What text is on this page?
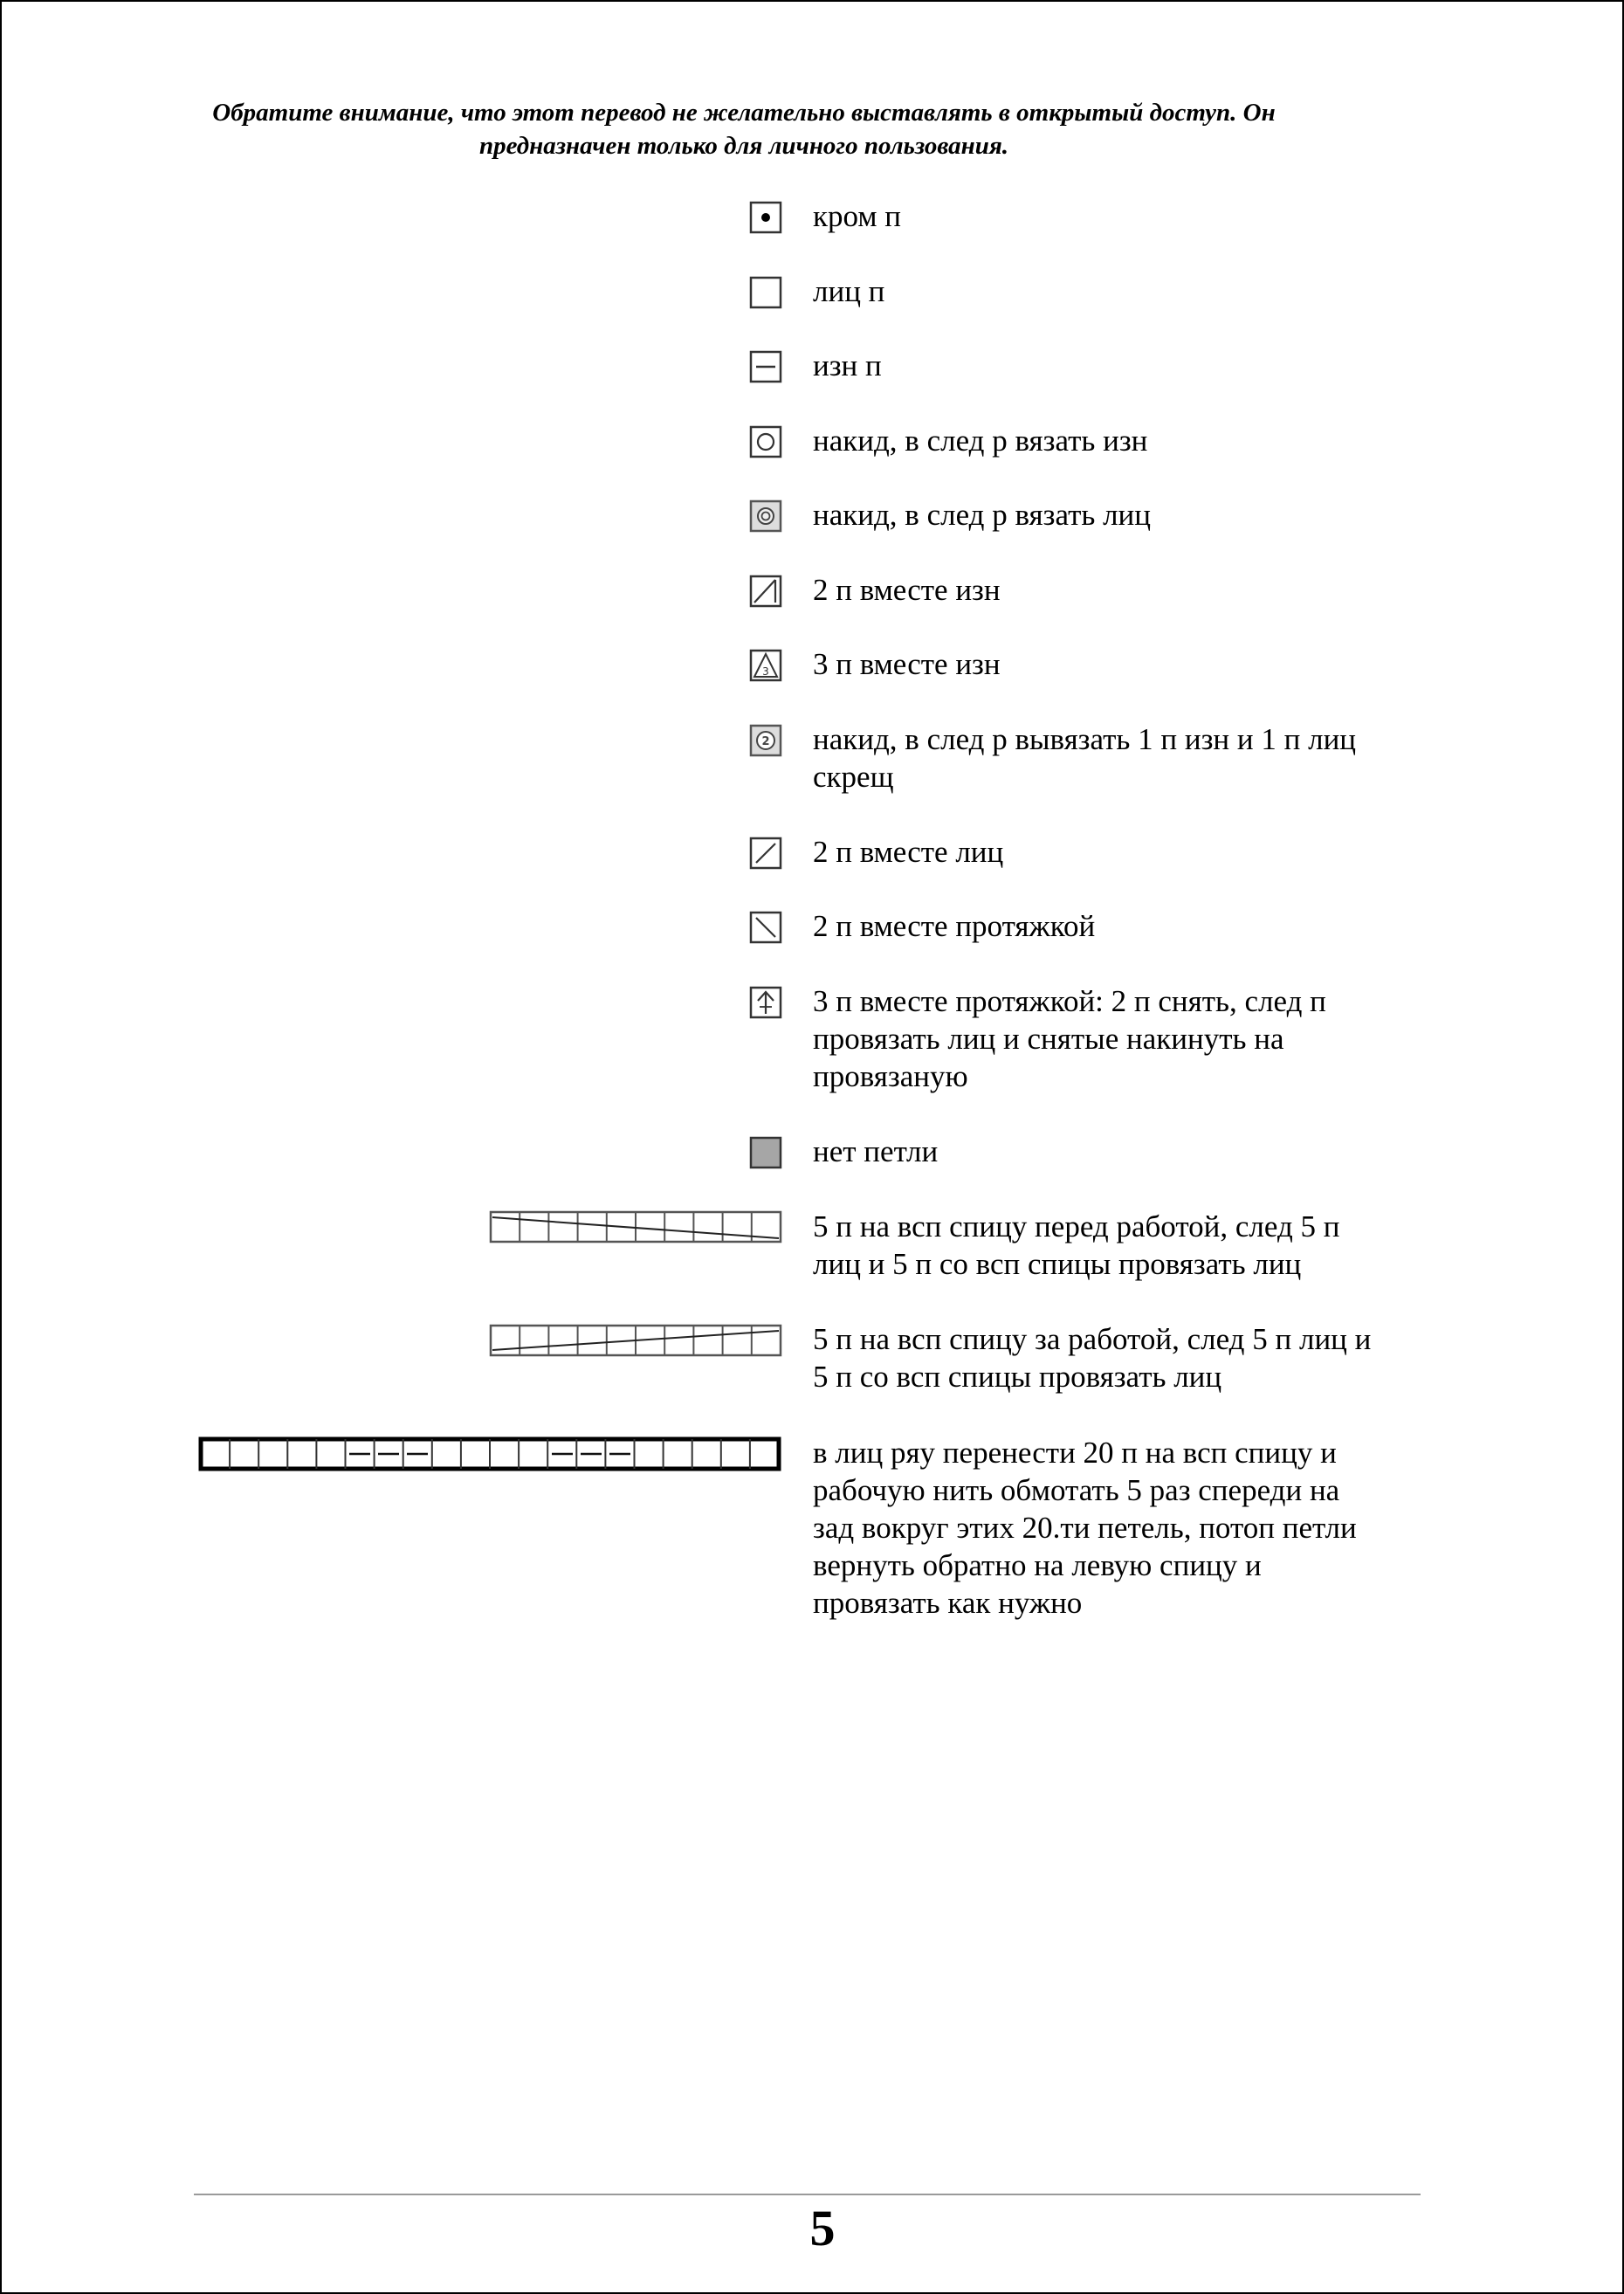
Обратите внимание, что этот перевод не желательно выставлять в открытый доступ. Он
предназначен только для личного пользования.
кром п
лиц п
изн п
накид, в след р вязать изн
накид, в след р вязать лиц
2 п вместе изн
3 3 п вместе изн
2 накид, в след р вывязать 1 п изн и 1 п лиц
скрещ
2 п вместе лиц
2 п вместе протяжкой
3 п вместе протяжкой: 2 п снять, след п
провязать лиц и снятые накинуть на
провязаную
нет петли
5 п на всп спицу перед работой, след 5 п
лиц и 5 п со всп спицы провязать лиц
5 п на всп спицу за работой, след 5 п лиц и
5 п со всп спицы провязать лиц
в лиц ряу перенести 20 п на всп спицу и
рабочую нить обмотать 5 раз спереди на
зад вокруг этих 20.ти петель, потоп петли
вернуть обратно на левую спицу и
провязать как нужно
5
